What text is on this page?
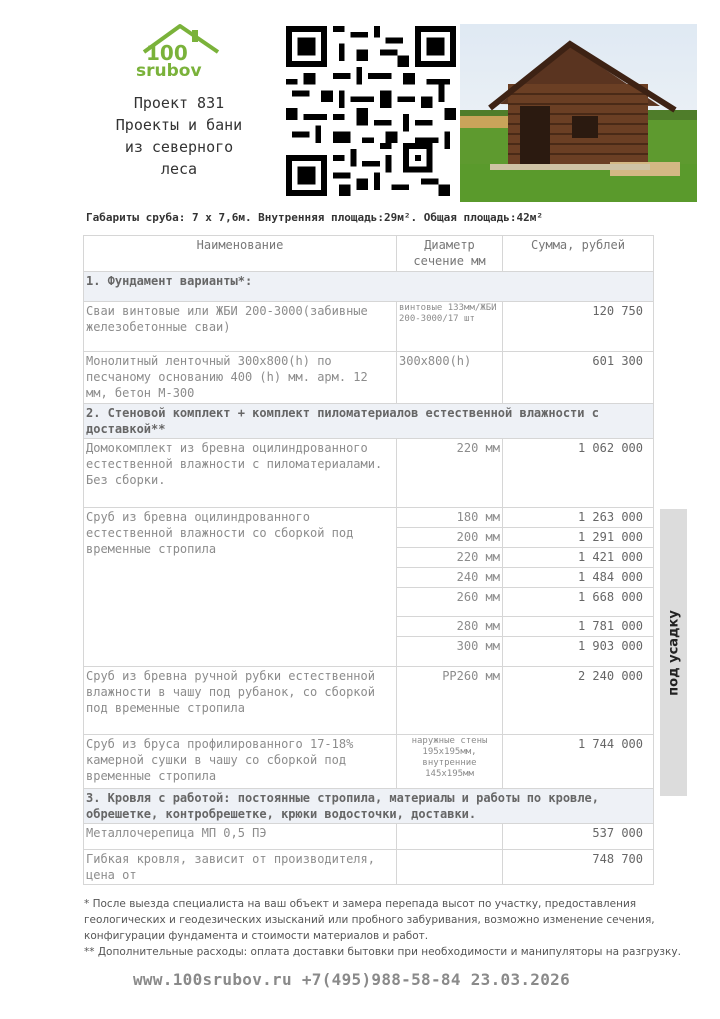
100
srubov
Проект 831
Проекты и бани
из северного
леса
Габариты сруба: 7 х 7,6м. Внутренняя площадь:29м². Общая площадь:42м²
Наименование	Диаметр сечение мм	Сумма, рублей
1. Фундамент варианты*:		
Сваи винтовые или ЖБИ 200-3000(забивные железобетонные сваи)	винтовые 133мм/ЖБИ 200-3000/17 шт	120 750
Монолитный ленточный 300х800(h) по песчаному основанию 400 (h) мм. арм. 12 мм, бетон М-300	300х800(h)	601 300
2. Стеновой комплект + комплект пиломатериалов естественной влажности с доставкой**		
Домокомплект из бревна оцилиндрованного естественной влажности с пиломатериалами. Без сборки.	220 мм	1 062 000
Сруб из бревна оцилиндрованного естественной влажности со сборкой под временные стропила	180 мм	1 263 000
	200 мм	1 291 000
	220 мм	1 421 000
	240 мм	1 484 000
	260 мм	1 668 000
	280 мм	1 781 000
	300 мм	1 903 000
Сруб из бревна ручной рубки естественной влажности в чашу под рубанок, со сборкой под временные стропила	РР260 мм	2 240 000
Сруб из бруса профилированного 17-18% камерной сушки в чашу со сборкой под временные стропила	наружные стены 195х195мм, внутренние 145х195мм	1 744 000
3. Кровля с работой: постоянные стропила, материалы и работы по кровле, обрешетке, контробрешетке, крюки водосточки, доставки.		
Металлочерепица МП 0,5 ПЭ		537 000
Гибкая кровля, зависит от производителя, цена от		748 700
под усадку

* После выезда специалиста на ваш объект и замера перепада высот по участку, предоставления геологических и геодезических изысканий или пробного забуривания, возможно изменение сечения, конфигурации фундамента и стоимости материалов и работ.

** Дополнительные расходы: оплата доставки бытовки при необходимости и манипуляторы на разгрузку.

www.100srubov.ru +7(495)988-58-84 23.03.2026
